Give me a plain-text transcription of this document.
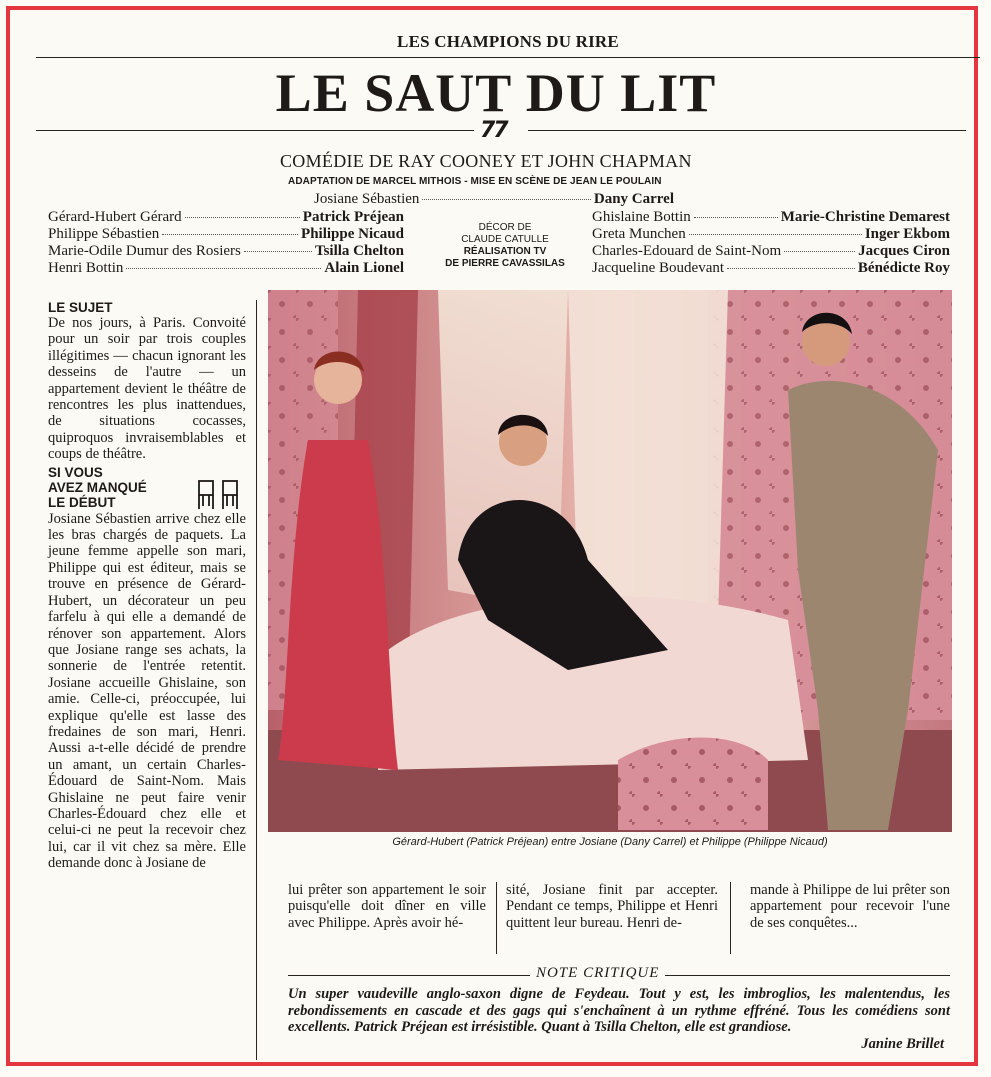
LES CHAMPIONS DU RIRE
LE SAUT DU LIT
77
COMÉDIE DE RAY COONEY ET JOHN CHAPMAN
ADAPTATION DE MARCEL MITHOIS - MISE EN SCÈNE DE JEAN LE POULAIN
Josiane Sébastien	Dany Carrel
Gérard-Hubert Gérard	Patrick Préjean
Philippe Sébastien	Philippe Nicaud
Marie-Odile Dumur des Rosiers	Tsilla Chelton
Henri Bottin	Alain Lionel
DÉCOR DE
CLAUDE CATULLE
RÉALISATION TV
DE PIERRE CAVASSILAS
Ghislaine Bottin	Marie-Christine Demarest
Greta Munchen	Inger Ekbom
Charles-Edouard de Saint-Nom	Jacques Ciron
Jacqueline Boudevant	Bénédicte Roy
LE SUJET

De nos jours, à Paris. Convoité pour un soir par trois couples illégitimes — chacun ignorant les desseins de l'autre — un appartement devient le théâtre de rencontres les plus inattendues, de situations cocasses, quiproquos invraisemblables et coups de théâtre.

SI VOUS
AVEZ MANQUÉ
LE DÉBUT

Josiane Sébastien arrive chez elle les bras chargés de paquets. La jeune femme appelle son mari, Philippe qui est éditeur, mais se trouve en présence de Gérard-Hubert, un décorateur un peu farfelu à qui elle a demandé de rénover son appartement. Alors que Josiane range ses achats, la sonnerie de l'entrée retentit. Josiane accueille Ghislaine, son amie. Celle-ci, préoccupée, lui explique qu'elle est lasse des fredaines de son mari, Henri. Aussi a-t-elle décidé de prendre un amant, un certain Charles-Édouard de Saint-Nom. Mais Ghislaine ne peut faire venir Charles-Édouard chez elle et celui-ci ne peut la recevoir chez lui, car il vit chez sa mère. Elle demande donc à Josiane de

Gérard-Hubert (Patrick Préjean) entre Josiane (Dany Carrel) et Philippe (Philippe Nicaud)

lui prêter son appartement le soir puisqu'elle doit dîner en ville avec Philippe. Après avoir hé-

sité, Josiane finit par accepter. Pendant ce temps, Philippe et Henri quittent leur bureau. Henri de-

mande à Philippe de lui prêter son appartement pour recevoir l'une de ses conquêtes...

NOTE CRITIQUE
Un super vaudeville anglo-saxon digne de Feydeau. Tout y est, les imbroglios, les malentendus, les rebondissements en cascade et des gags qui s'enchaînent à un rythme effréné. Tous les comédiens sont excellents. Patrick Préjean est irrésistible. Quant à Tsilla Chelton, elle est grandiose.
Janine Brillet
